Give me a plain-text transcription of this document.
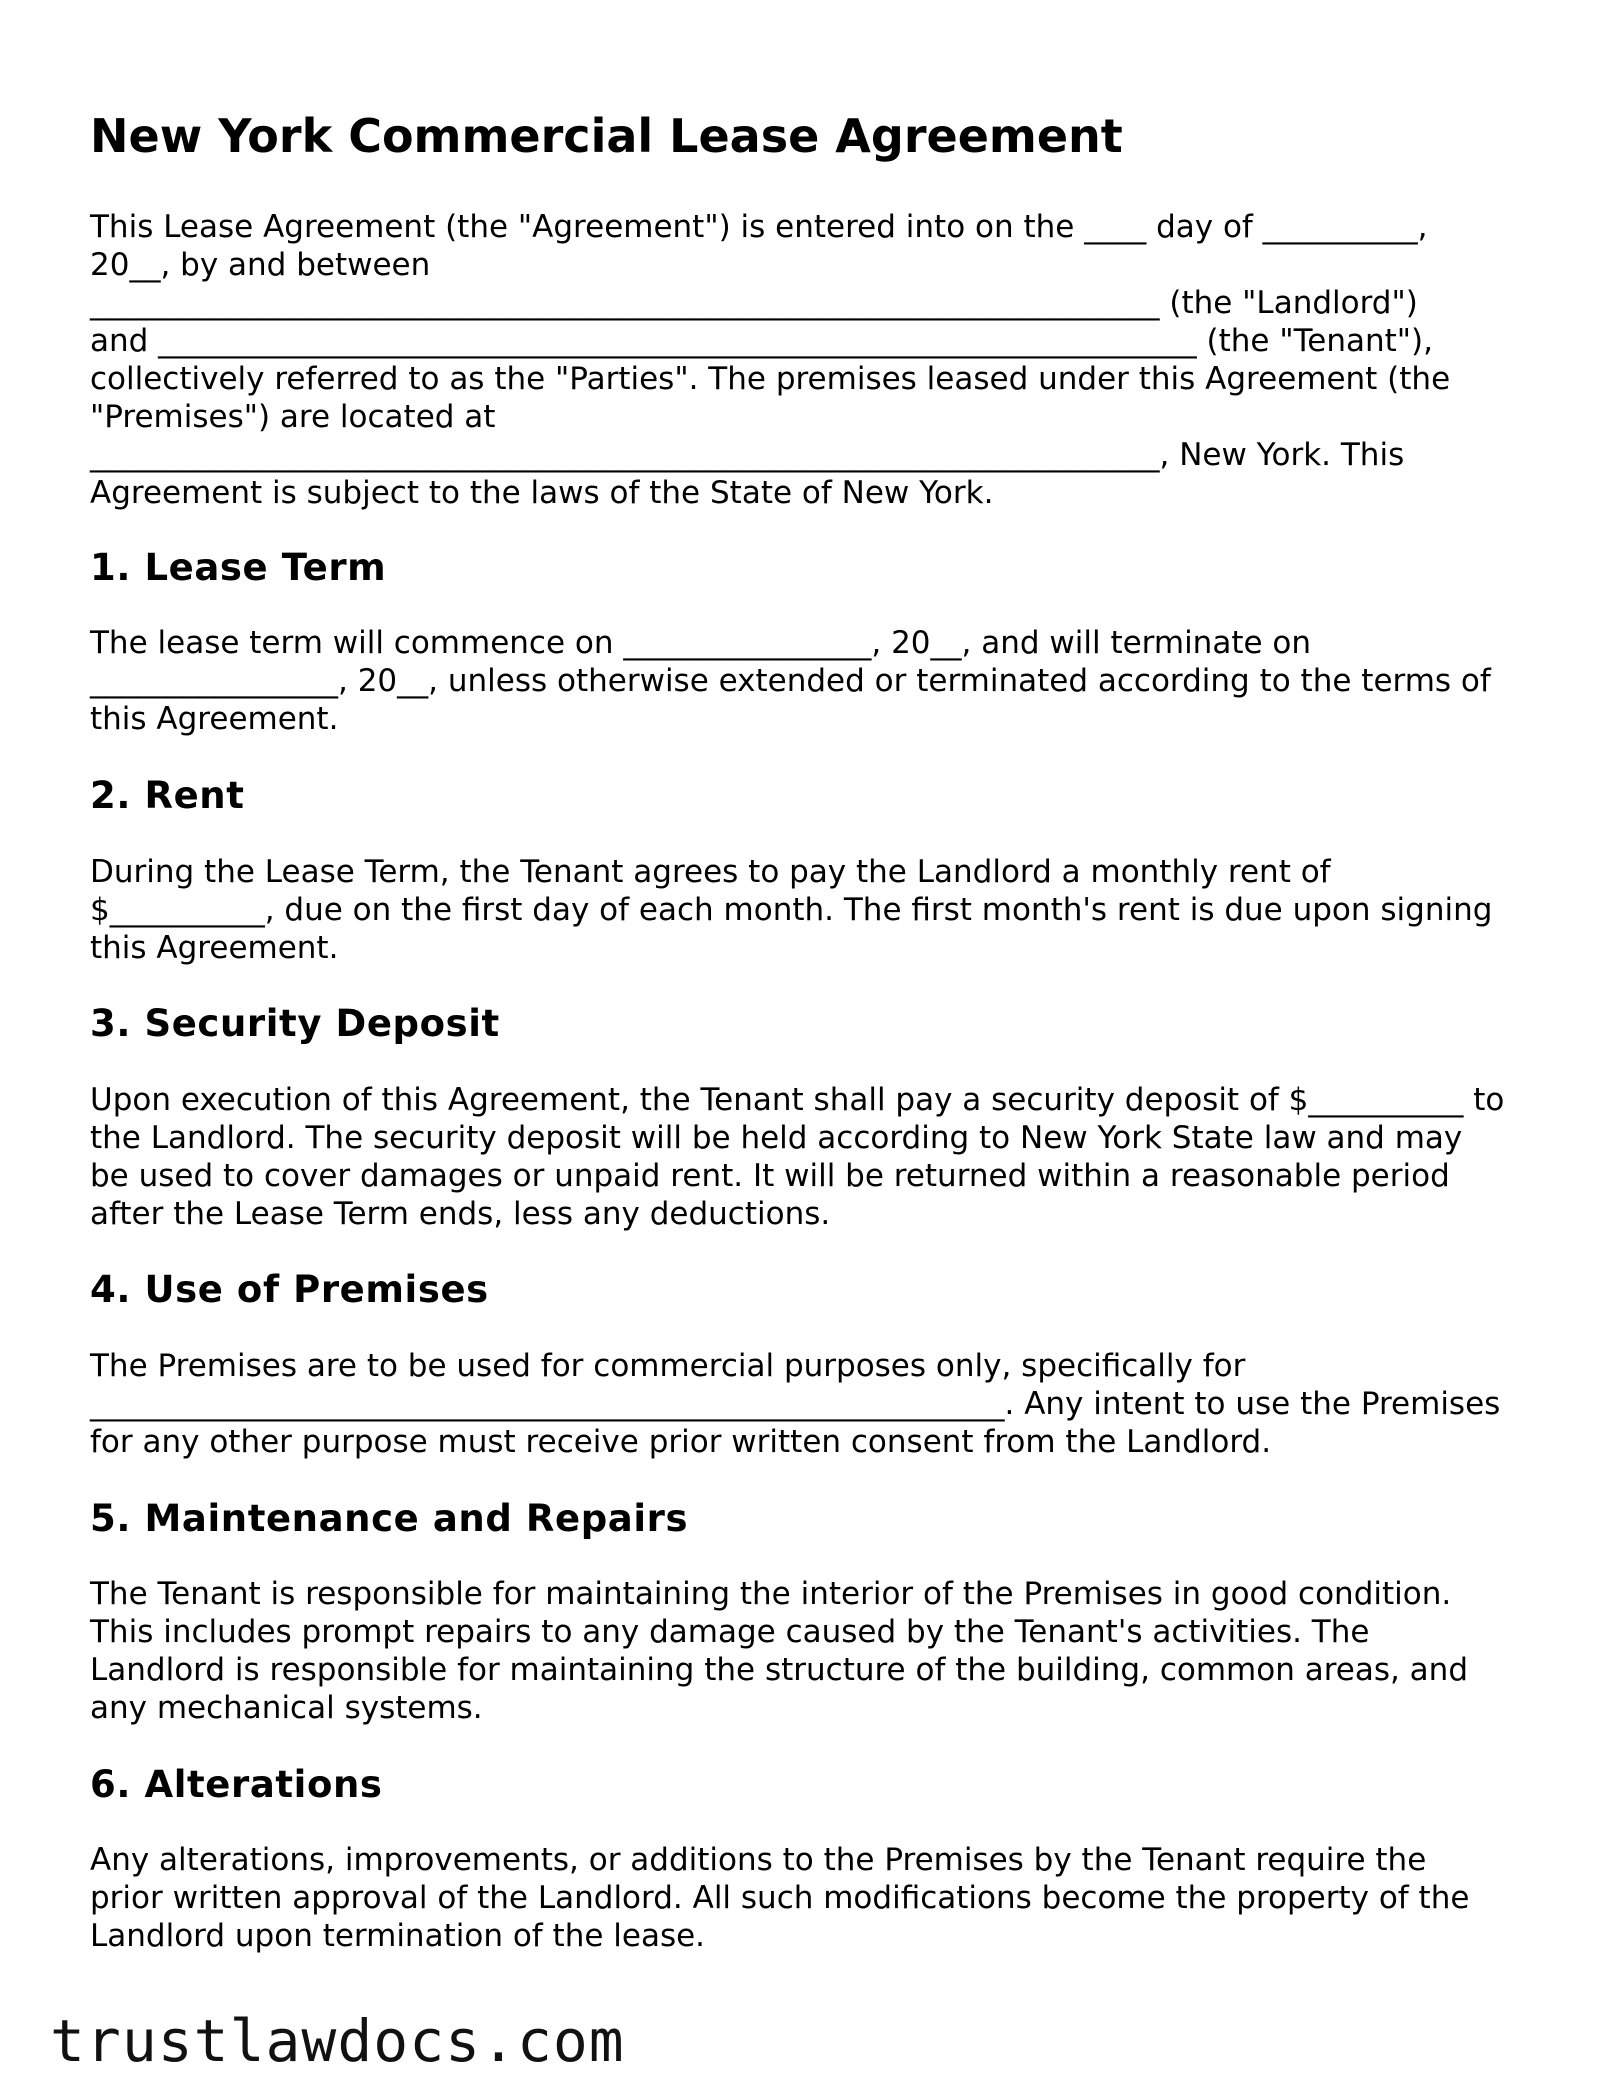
New York Commercial Lease Agreement

This Lease Agreement (the "Agreement") is entered into on the ____ day of __________,
20__, by and between
_____________________________________________________________________ (the "Landlord")
and ___________________________________________________________________ (the "Tenant"),
collectively referred to as the "Parties". The premises leased under this Agreement (the
"Premises") are located at
_____________________________________________________________________, New York. This
Agreement is subject to the laws of the State of New York.

1. Lease Term

The lease term will commence on ________________, 20__, and will terminate on
________________, 20__, unless otherwise extended or terminated according to the terms of
this Agreement.

2. Rent

During the Lease Term, the Tenant agrees to pay the Landlord a monthly rent of
$__________, due on the first day of each month. The first month's rent is due upon signing
this Agreement.

3. Security Deposit

Upon execution of this Agreement, the Tenant shall pay a security deposit of $__________ to
the Landlord. The security deposit will be held according to New York State law and may
be used to cover damages or unpaid rent. It will be returned within a reasonable period
after the Lease Term ends, less any deductions.

4. Use of Premises

The Premises are to be used for commercial purposes only, specifically for
___________________________________________________________. Any intent to use the Premises
for any other purpose must receive prior written consent from the Landlord.

5. Maintenance and Repairs

The Tenant is responsible for maintaining the interior of the Premises in good condition.
This includes prompt repairs to any damage caused by the Tenant's activities. The
Landlord is responsible for maintaining the structure of the building, common areas, and
any mechanical systems.

6. Alterations

Any alterations, improvements, or additions to the Premises by the Tenant require the
prior written approval of the Landlord. All such modifications become the property of the
Landlord upon termination of the lease.

trustlawdocs.com
